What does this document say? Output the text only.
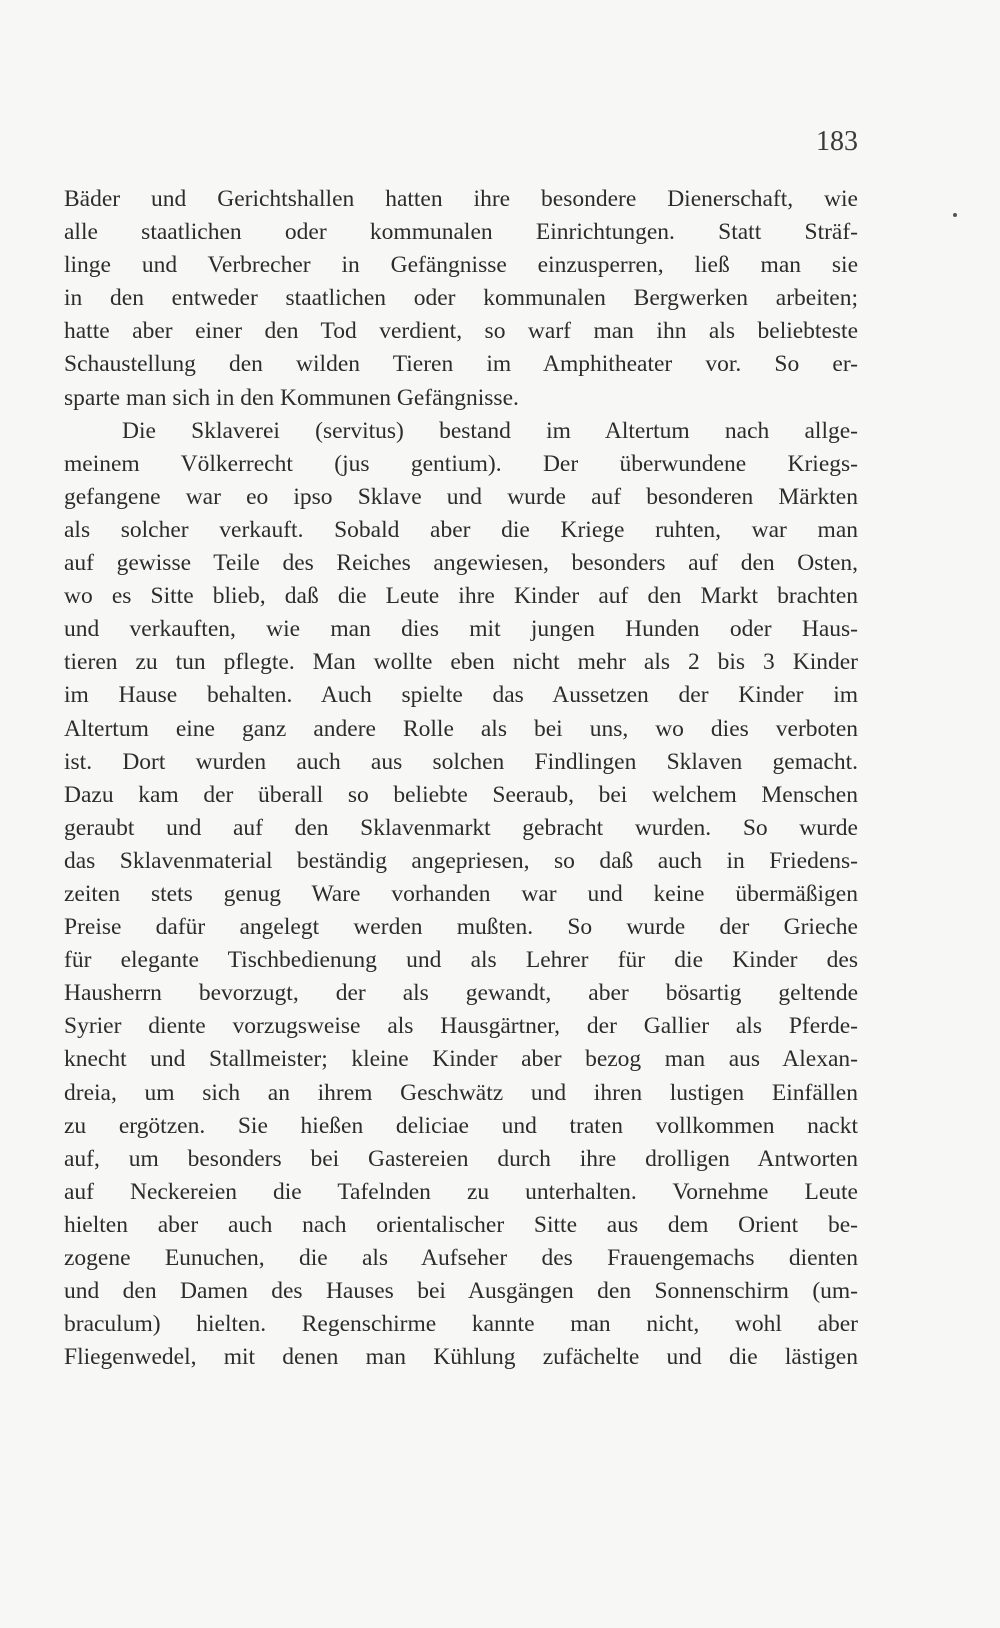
183
Bäder und Gerichtshallen hatten ihre besondere Dienerschaft, wie
alle staatlichen oder kommunalen Einrichtungen. Statt Sträf-
linge und Verbrecher in Gefängnisse einzusperren, ließ man sie
in den entweder staatlichen oder kommunalen Bergwerken arbeiten;
hatte aber einer den Tod verdient, so warf man ihn als beliebteste
Schaustellung den wilden Tieren im Amphitheater vor. So er-
sparte man sich in den Kommunen Gefängnisse.
Die Sklaverei (servitus) bestand im Altertum nach allge-
meinem Völkerrecht (jus gentium). Der überwundene Kriegs-
gefangene war eo ipso Sklave und wurde auf besonderen Märkten
als solcher verkauft. Sobald aber die Kriege ruhten, war man
auf gewisse Teile des Reiches angewiesen, besonders auf den Osten,
wo es Sitte blieb, daß die Leute ihre Kinder auf den Markt brachten
und verkauften, wie man dies mit jungen Hunden oder Haus-
tieren zu tun pflegte. Man wollte eben nicht mehr als 2 bis 3 Kinder
im Hause behalten. Auch spielte das Aussetzen der Kinder im
Altertum eine ganz andere Rolle als bei uns, wo dies verboten
ist. Dort wurden auch aus solchen Findlingen Sklaven gemacht.
Dazu kam der überall so beliebte Seeraub, bei welchem Menschen
geraubt und auf den Sklavenmarkt gebracht wurden. So wurde
das Sklavenmaterial beständig angepriesen, so daß auch in Friedens-
zeiten stets genug Ware vorhanden war und keine übermäßigen
Preise dafür angelegt werden mußten. So wurde der Grieche
für elegante Tischbedienung und als Lehrer für die Kinder des
Hausherrn bevorzugt, der als gewandt, aber bösartig geltende
Syrier diente vorzugsweise als Hausgärtner, der Gallier als Pferde-
knecht und Stallmeister; kleine Kinder aber bezog man aus Alexan-
dreia, um sich an ihrem Geschwätz und ihren lustigen Einfällen
zu ergötzen. Sie hießen deliciae und traten vollkommen nackt
auf, um besonders bei Gastereien durch ihre drolligen Antworten
auf Neckereien die Tafelnden zu unterhalten. Vornehme Leute
hielten aber auch nach orientalischer Sitte aus dem Orient be-
zogene Eunuchen, die als Aufseher des Frauengemachs dienten
und den Damen des Hauses bei Ausgängen den Sonnenschirm (um-
braculum) hielten. Regenschirme kannte man nicht, wohl aber
Fliegenwedel, mit denen man Kühlung zufächelte und die lästigen
